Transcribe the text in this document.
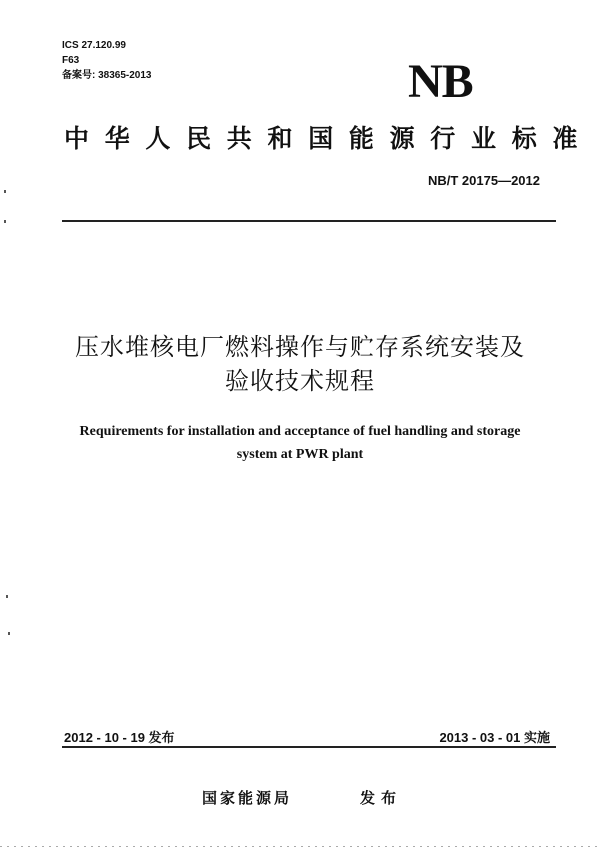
ICS 27.120.99
F63
备案号: 38365-2013	NB
中华人民共和国能源行业标准
NB/T 20175—2012
压水堆核电厂燃料操作与贮存系统安装及
验收技术规程
Requirements for installation and acceptance of fuel handling and storage
system at PWR plant
2012 - 10 - 19 发布	2013 - 03 - 01 实施
国家能源局	发布
